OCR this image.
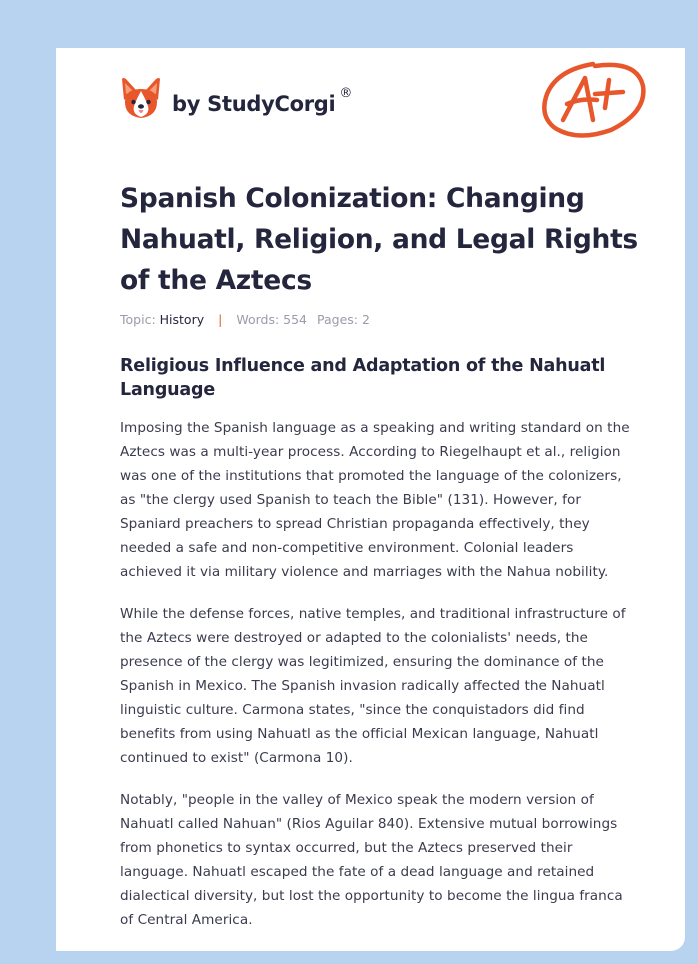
by StudyCorgi ®
Spanish Colonization: Changing Nahuatl, Religion, and Legal Rights of the Aztecs
Topic: History | Words: 554 Pages: 2
Religious Influence and Adaptation of the Nahuatl Language

Imposing the Spanish language as a speaking and writing standard on the Aztecs was a multi-year process. According to Riegelhaupt et al., religion was one of the institutions that promoted the language of the colonizers, as "the clergy used Spanish to teach the Bible" (131). However, for Spaniard preachers to spread Christian propaganda effectively, they needed a safe and non-competitive environment. Colonial leaders achieved it via military violence and marriages with the Nahua nobility.

While the defense forces, native temples, and traditional infrastructure of the Aztecs were destroyed or adapted to the colonialists' needs, the presence of the clergy was legitimized, ensuring the dominance of the Spanish in Mexico. The Spanish invasion radically affected the Nahuatl linguistic culture. Carmona states, "since the conquistadors did find benefits from using Nahuatl as the official Mexican language, Nahuatl continued to exist" (Carmona 10).

Notably, "people in the valley of Mexico speak the modern version of Nahuatl called Nahuan" (Rios Aguilar 840). Extensive mutual borrowings from phonetics to syntax occurred, but the Aztecs preserved their language. Nahuatl escaped the fate of a dead language and retained dialectical diversity, but lost the opportunity to become the lingua franca of Central America.
